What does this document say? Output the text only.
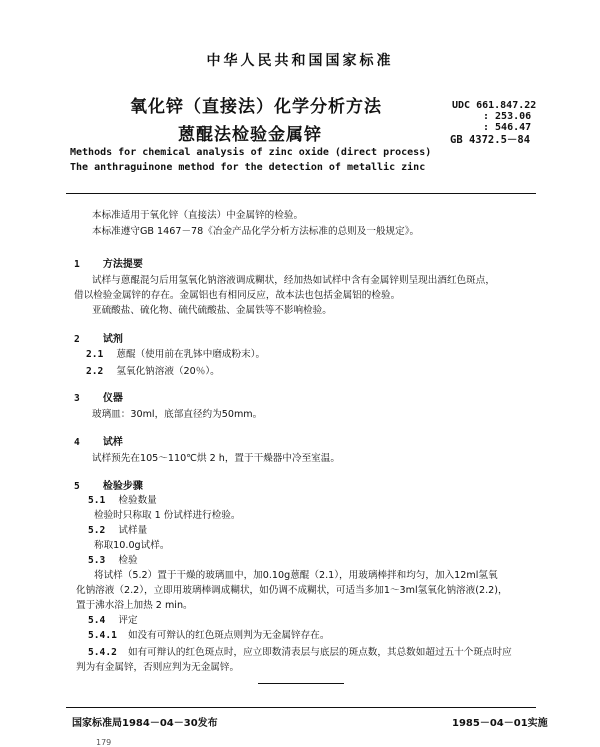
中华人民共和国国家标准
氧化锌（直接法）化学分析方法
蒽醌法检验金属锌
UDC 661.847.22
: 253.06
: 546.47
GB 4372.5－84
Methods for chemical analysis of zinc oxide (direct process)
The anthraguinone method for the detection of metallic zinc
本标准适用于氧化锌（直接法）中金属锌的检验。
本标准遵守GB 1467－78《冶金产品化学分析方法标准的总则及一般规定》。
1 方法提要
试样与蒽醌混匀后用氢氧化钠溶液调成糊状，经加热如试样中含有金属锌则呈现出酒红色斑点，
借以检验金属锌的存在。金属铝也有相同反应，故本法也包括金属铝的检验。
亚硫酸盐、硫化物、硫代硫酸盐、金属铁等不影响检验。
2 试剂
2.1 蒽醌（使用前在乳钵中磨成粉末）。
2.2 氢氧化钠溶液（20％）。
3 仪器
玻璃皿：30ml，底部直径约为50mm。
4 试样
试样预先在105～110℃烘 2 h，置于干燥器中冷至室温。
5 检验步骤
5.1 检验数量
检验时只称取 1 份试样进行检验。
5.2 试样量
称取10.0g试样。
5.3 检验
将试样（5.2）置于干燥的玻璃皿中，加0.10g蒽醌（2.1），用玻璃棒拌和均匀，加入12ml氢氧
化钠溶液（2.2），立即用玻璃棒调成糊状，如仍调不成糊状，可适当多加1～3ml氢氧化钠溶液(2.2)，
置于沸水浴上加热 2 min。
5.4 评定
5.4.1 如没有可辩认的红色斑点则判为无金属锌存在。
5.4.2 如有可辩认的红色斑点时，应立即数清表层与底层的斑点数，其总数如超过五十个斑点时应
判为有金属锌，否则应判为无金属锌。
国家标准局1984－04－30发布	1985－04－01实施
179
